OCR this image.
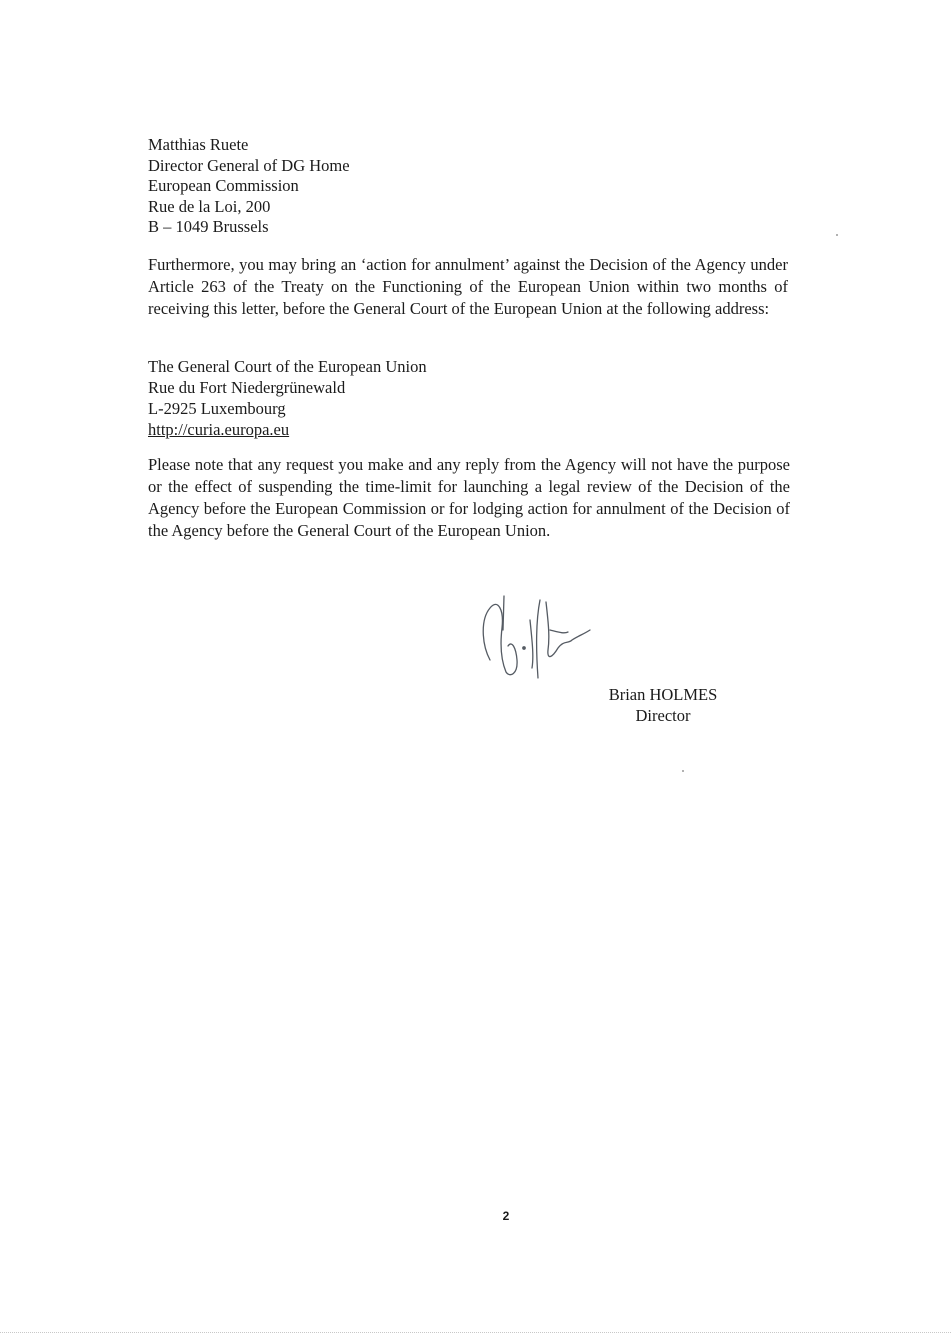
Matthias Ruete
Director General of DG Home
European Commission
Rue de la Loi, 200
B – 1049 Brussels

Furthermore, you may bring an ‘action for annulment’ against the Decision of the Agency under Article 263 of the Treaty on the Functioning of the European Union within two months of receiving this letter, before the General Court of the European Union at the following address:

The General Court of the European Union
Rue du Fort Niedergrünewald
L-2925 Luxembourg
http://curia.europa.eu

Please note that any request you make and any reply from the Agency will not have the purpose or the effect of suspending the time-limit for launching a legal review of the Decision of the Agency before the European Commission or for lodging action for annulment of the Decision of the Agency before the General Court of the European Union.

Brian HOLMES
Director
2
